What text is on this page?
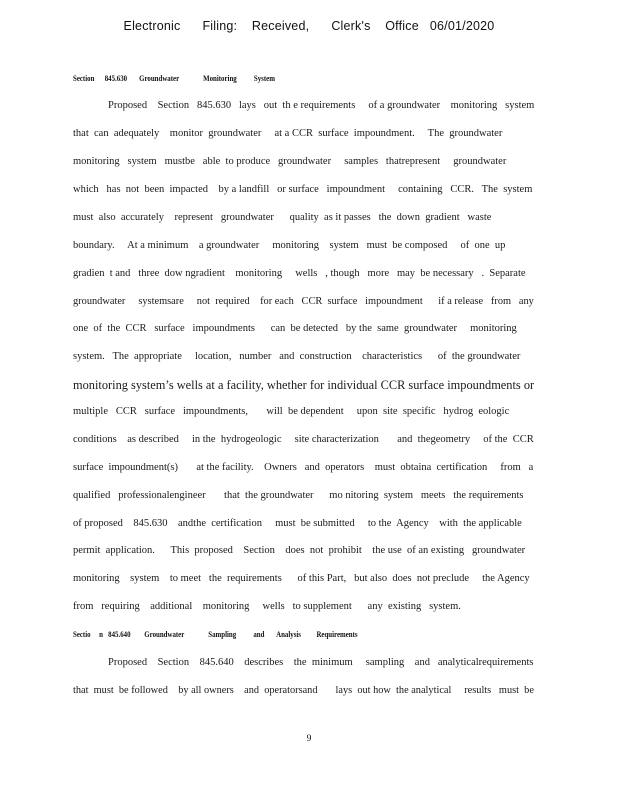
Electronic      Filing:    Received,      Clerk's    Office   06/01/2020
Section      845.630       Groundwater              Monitoring          System
Proposed    Section   845.630   lays   out  th e requirements     of a groundwater    monitoring   system
that  can  adequately    monitor  groundwater     at a CCR  surface  impoundment.     The  groundwater
monitoring   system   mustbe   able  to produce   groundwater     samples   thatrepresent     groundwater
which   has  not  been  impacted    by a landfill   or surface   impoundment     containing   CCR.   The  system
must  also  accurately    represent   groundwater      quality  as it passes   the  down  gradient   waste
boundary.     At a minimum    a groundwater     monitoring    system   must  be composed     of  one  up
gradien  t and   three  dow ngradient    monitoring     wells   , though   more   may  be necessary   .  Separate
groundwater     systemsare     not  required    for each   CCR  surface   impoundment      if a release   from   any
one  of  the  CCR   surface   impoundments      can  be detected   by the  same  groundwater     monitoring
system.   The  appropriate     location,   number   and  construction    characteristics      of  the groundwater
monitoring system’s wells at a facility, whether for individual CCR surface impoundments or
multiple   CCR   surface   impoundments,       will  be dependent     upon  site  specific   hydrog  eologic
conditions    as described     in the  hydrogeologic     site characterization       and  thegeometry     of the  CCR
surface  impoundment(s)       at the facility.    Owners   and  operators    must  obtaina  certification     from   a
qualified   professionalengineer       that  the groundwater      mo nitoring  system   meets   the requirements
of proposed    845.630    andthe  certification     must  be submitted     to the  Agency    with  the applicable
permit  application.      This  proposed    Section    does  not  prohibit    the use  of an existing   groundwater
monitoring    system    to meet   the  requirements      of this Part,   but also  does  not preclude     the Agency
from   requiring    additional    monitoring     wells   to supplement      any  existing   system.
Sectio     n   845.640        Groundwater              Sampling          and       Analysis         Requirements
Proposed    Section    845.640    describes    the  minimum     sampling    and   analyticalrequirements
that  must  be followed    by all owners    and  operatorsand       lays  out how  the analytical     results   must  be
9
